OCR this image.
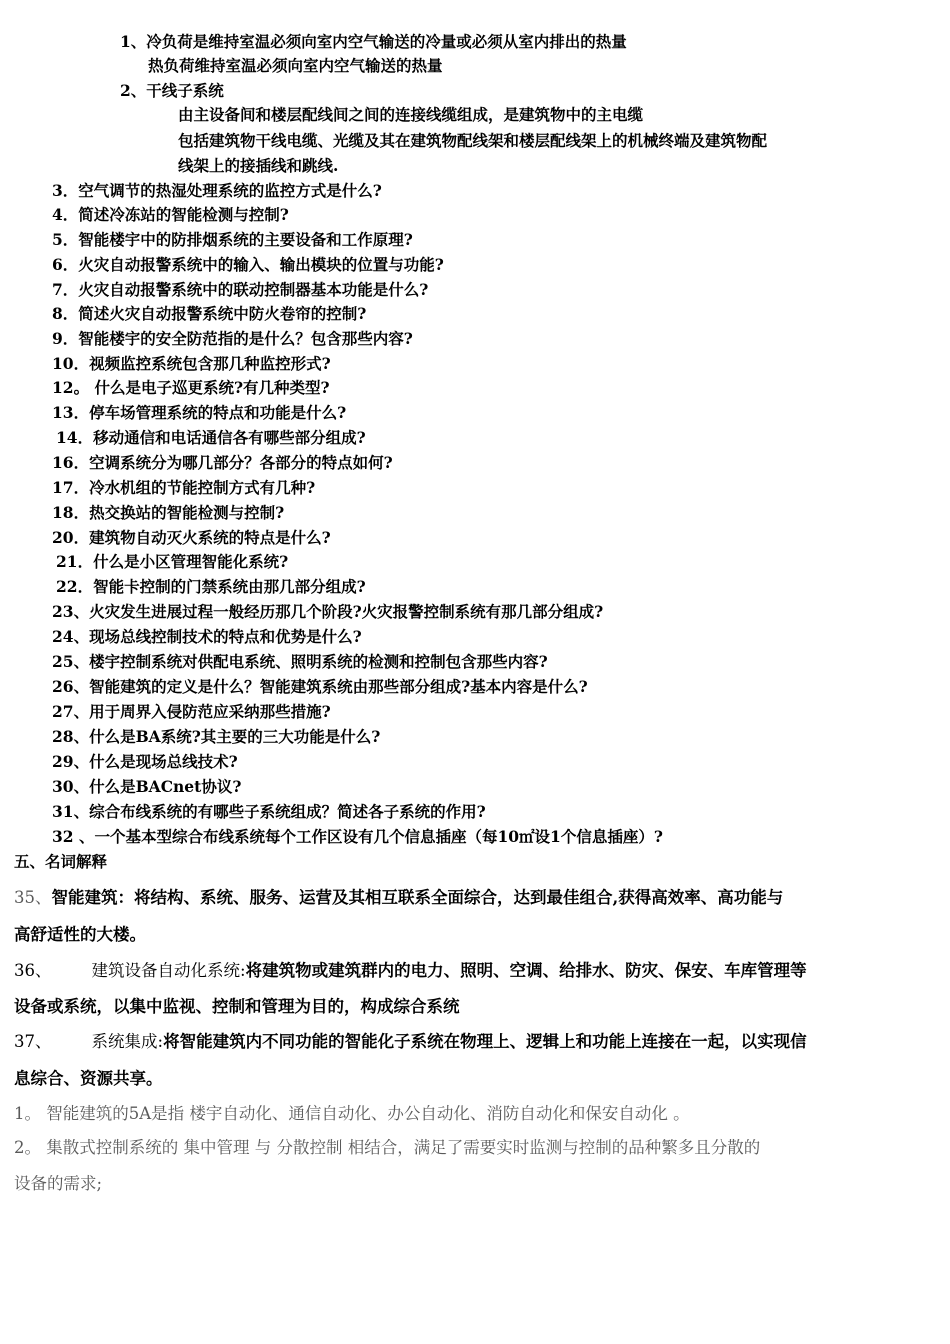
1、冷负荷是维持室温必须向室内空气输送的冷量或必须从室内排出的热量
热负荷维持室温必须向室内空气输送的热量
2、干线子系统
由主设备间和楼层配线间之间的连接线缆组成，是建筑物中的主电缆
包括建筑物干线电缆、光缆及其在建筑物配线架和楼层配线架上的机械终端及建筑物配
线架上的接插线和跳线.
3．空气调节的热湿处理系统的监控方式是什么?
4．简述冷冻站的智能检测与控制?
5．智能楼宇中的防排烟系统的主要设备和工作原理?
6．火灾自动报警系统中的输入、输出模块的位置与功能?
7．火灾自动报警系统中的联动控制器基本功能是什么?
8．简述火灾自动报警系统中防火卷帘的控制?
9．智能楼宇的安全防范指的是什么？包含那些内容?
10．视频监控系统包含那几种监控形式?
12。 什么是电子巡更系统?有几种类型?
13．停车场管理系统的特点和功能是什么?
14．移动通信和电话通信各有哪些部分组成?
16．空调系统分为哪几部分？各部分的特点如何?
17．冷水机组的节能控制方式有几种?
18．热交换站的智能检测与控制?
20．建筑物自动灭火系统的特点是什么?
21．什么是小区管理智能化系统?
22．智能卡控制的门禁系统由那几部分组成?
23、火灾发生进展过程一般经历那几个阶段?火灾报警控制系统有那几部分组成?
24、现场总线控制技术的特点和优势是什么?
25、楼宇控制系统对供配电系统、照明系统的检测和控制包含那些内容?
26、智能建筑的定义是什么？智能建筑系统由那些部分组成?基本内容是什么?
27、用于周界入侵防范应采纳那些措施?
28、什么是BA系统?其主要的三大功能是什么?
29、什么是现场总线技术?
30、什么是BACnet协议?
31、综合布线系统的有哪些子系统组成？简述各子系统的作用?
32 、一个基本型综合布线系统每个工作区设有几个信息插座（每10㎡设1个信息插座）?
五、名词解释
35、智能建筑：将结构、系统、服务、运营及其相互联系全面综合，达到最佳组合,获得高效率、高功能与
高舒适性的大楼。
36、 建筑设备自动化系统:将建筑物或建筑群内的电力、照明、空调、给排水、防灾、保安、车库管理等
设备或系统，以集中监视、控制和管理为目的，构成综合系统
37、 系统集成:将智能建筑内不同功能的智能化子系统在物理上、逻辑上和功能上连接在一起，以实现信
息综合、资源共享。
1。 智能建筑的5A是指 楼宇自动化、通信自动化、办公自动化、消防自动化和保安自动化 。
2。 集散式控制系统的 集中管理 与 分散控制 相结合，满足了需要实时监测与控制的品种繁多且分散的
设备的需求;
